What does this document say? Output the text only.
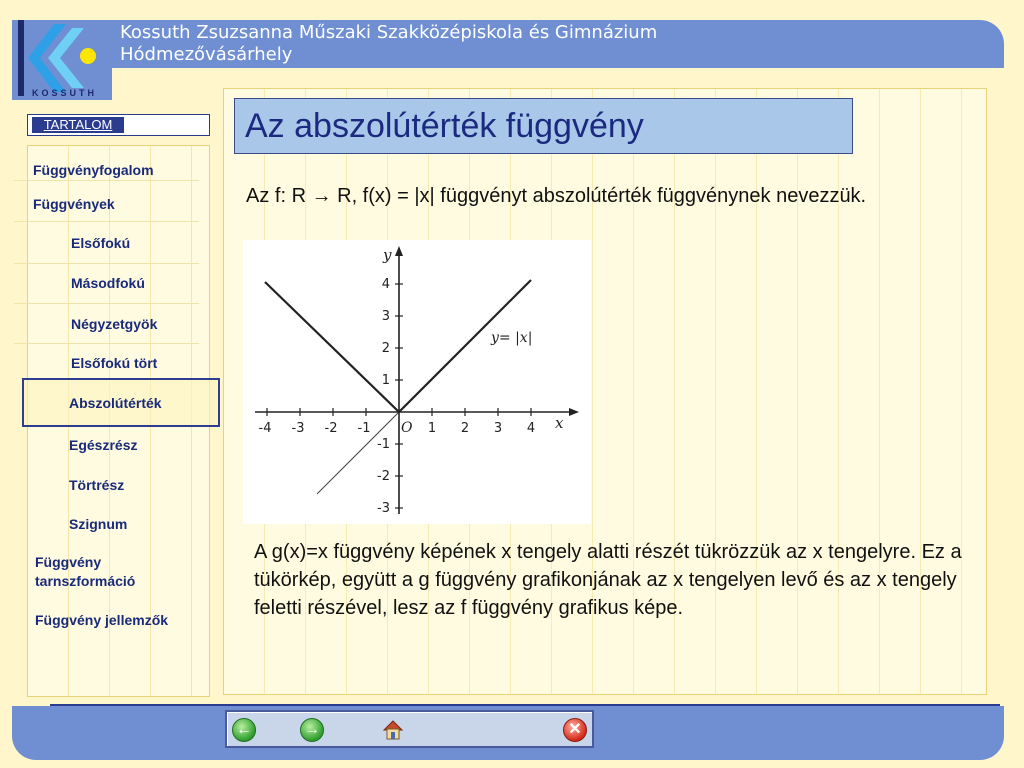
KOSSUTH
Kossuth Zsuzsanna Műszaki Szakközépiskola és Gimnázium
Hódmezővásárhely
TARTALOM
Függvényfogalom
Függvények
Elsőfokú
Másodfokú
Négyzetgyök
Elsőfokú tört
Abszolútérték
Egészrész
Törtrész
Szignum
Függvény tarnszformáció
Függvény jellemzők
Az abszolútérték függvény
Az f: R → R, f(x) = |x| függvényt abszolútérték függvénynek nevezzük.
-4 -3 -2 -1	1 2 3 4
4
3
2
1
-1
-2
-3
y
x
O
y= |x|
A g(x)=x függvény képének x tengely alatti részét tükrözzük az x tengelyre. Ez a tükörkép, együtt a g függvény grafikonjának az x tengelyen levő és az x tengely feletti részével, lesz az f függvény grafikus képe.
←	→	✕
